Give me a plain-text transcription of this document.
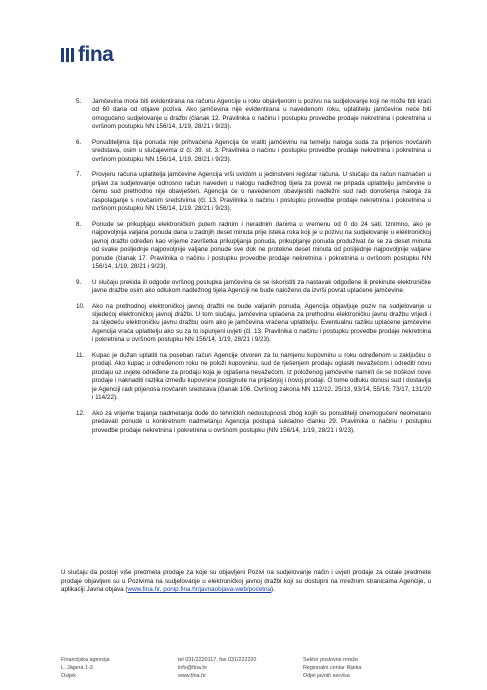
fina
5.	Jamčevina mora biti evidentirana na računu Agencije u roku objavljenom u pozivu na sudjelovanje koji ne može biti kraći od 60 dana od objave poziva. Ako jamčevina nije evidentirana u navedenom roku, uplatitelju jamčevine neće biti omogućeno sudjelovanje u dražbi (članak 12. Pravilnika o načinu i postupku provedbe prodaje nekretnina i pokretnina u ovršnom postupku NN 156/14, 1/19, 28/21 i 9/23).
6.	Ponuditeljima čija ponuda nije prihvaćena Agencija će vratiti jamčevinu na temelju naloga suda za prijenos novčanih sredstava, osim u slučajevima iz čl. 39. st. 3. Pravilnika o načinu i postupku provedbe prodaje nekretnina i pokretnina u ovršnom postupku NN 156/14, 1/19, 28/21 i 9/23).
7.	Provjeru računa uplatitelja jamčevine Agencija vrši uvidom u jedinstveni registar računa. U slučaju da račun naznačen u prijavi za sudjelovanje odnosno račun naveden u nalogu nadležnog tijela za povrat ne pripada uplatitelju jamčevine o čemu sud prethodno nije obavješten, Agencija će o navedenom obavijestiti nadležni sud radi donošenja naloga za raspolaganje s novčanim sredstvima (čl. 13. Pravilnika o načinu i postupku provedbe prodaje nekretnina i pokretnina u ovršnom postupku NN 156/14, 1/19, 28/21 i 9/23).
8.	Ponude se prikupljaju elektroničkim putem radnim i neradnim danima u vremenu od 0 do 24 sati. Iznimno, ako je najpovoljnija valjana ponuda dana u zadnjih deset minuta prije isteka roka koji je u pozivu na sudjelovanje u elektroničkoj javnoj dražbi određen kao vrijeme završetka prikupljanja ponuda, prikupljanje ponuda produživat će se za deset minuta od svake posljednje najpovoljnije valjane ponude sve dok ne protekne deset minuta od posljednje najpovoljnije valjane ponude (članak 17. Pravilnika o načinu i postupku provedbe prodaje nekretnina i pokretnina u ovršnom postupku NN 156/14, 1/19, 28/21 i 9/23).
9.	U slučaju prekida ili odgode ovršnog postupka jamčevina će se iskoristiti za nastavak odgođene ili prekinute elektroničke javne dražbe osim ako odlukom nadležnog tijela Agenciji ne bude naloženo da izvrši povrat uplaćene jamčevine.
10.	Ako na prethodnoj elektroničkoj javnoj dražbi ne bude valjanih ponuda, Agencija objavljuje poziv na sudjelovanje u sljedećoj elektroničkoj javnoj dražbi. U tom slučaju, jamčevina uplaćena za prethodnu elektroničku javnu dražbu vrijedi i za sljedeću elektroničku javnu dražbu osim ako je jamčevina vraćena uplatitelju. Eventualnu razliku uplaćene jamčevine Agencija vraća uplatitelju ako su za to ispunjeni uvjeti (čl. 13. Pravilnika o načinu i postupku provedbe prodaje nekretnina i pokretnina u ovršnom postupku NN 156/14, 1/19, 28/21 i 9/23).
11.	Kupac je dužan uplatiti na poseban račun Agencije otvoren za tu namjenu kupovninu u roku određenom u zaključku o prodaji. Ako kupac u određenom roku ne položi kupovninu, sud će rješenjem prodaju oglasiti nevažećom i odrediti novu prodaju uz uvjete određene za prodaju koja je oglašena nevažećom. Iz položenog jamčevine namirit će se troškovi nove prodaje i naknaditi razlika između kupovnine postignute na prijašnjoj i novoj prodaji. O tome odluku donosi sud i dostavlja je Agenciji radi prijenosa novčanih sredstava (članak 106. Ovršnog zakona NN 112/12, 25/13, 93/14, 55/16, 73/17, 131/20 i 114/22).
12.	Ako za vrijeme trajanja nadmetanja dođe do tehničkih nedostupnosti zbog kojih su ponuditelji onemogućeni neometano predavati ponude u konkretnom nadmetanju Agencija postupa sukladno članku 29. Pravilnika o načinu i postupku provedbe prodaje nekretnina i pokretnina u ovršnom postupku (NN 156/14, 1/19, 28/21 i 9/23).

U slučaju da postoji više predmeta prodaje za koje su objavljeni Pozivi na sudjelovanje način i uvjeti prodaje za ostale predmete prodaje objavljeni su u Pozivima na sudjelovanje u elektroničkoj javnoj dražbi koji su dostupni na mrežnim stranicama Agencije, u aplikaciji Javna objava (www.fina.hr, ponip.fina.hr/javnaobjava-web/pocetna).

Financijska agencija
L. Jägera 1-3
Osijek
tel 031/2220117, fax 031/222220
info@fina.hr
www.fina.hr
Sektor poslovne mreže
Regionalni centar Rijeka
Odjel javnih servisa
